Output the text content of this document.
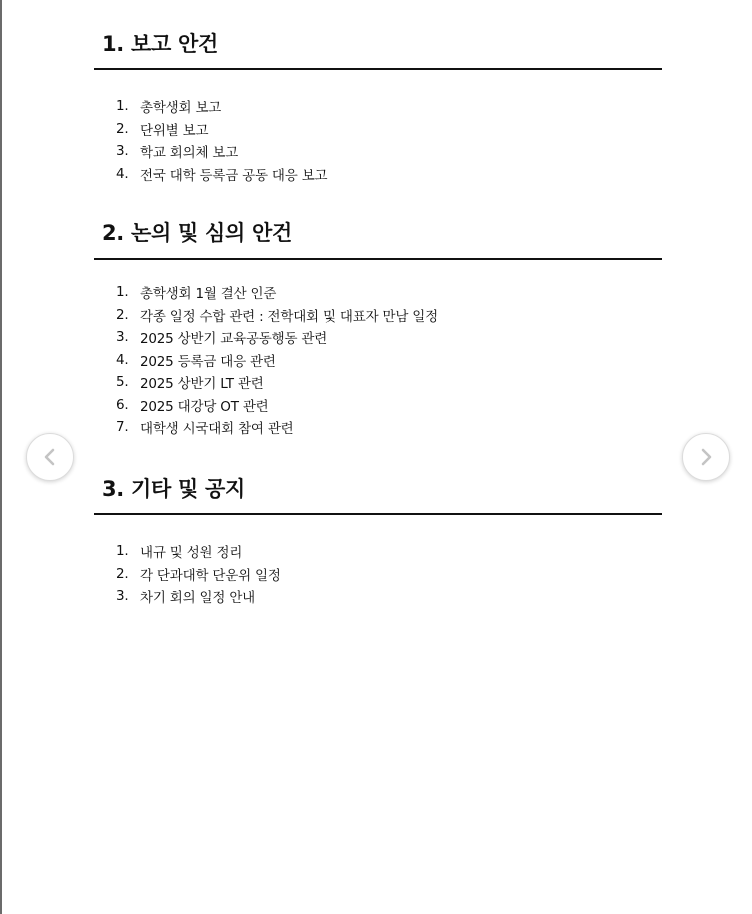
1. 보고 안건
1. 총학생회 보고
2. 단위별 보고
3. 학교 회의체 보고
4. 전국 대학 등록금 공동 대응 보고
2. 논의 및 심의 안건
1. 총학생회 1월 결산 인준
2. 각종 일정 수합 관련 : 전학대회 및 대표자 만남 일정
3. 2025 상반기 교육공동행동 관련
4. 2025 등록금 대응 관련
5. 2025 상반기 LT 관련
6. 2025 대강당 OT 관련
7. 대학생 시국대회 참여 관련
3. 기타 및 공지
1. 내규 및 성원 정리
2. 각 단과대학 단운위 일정
3. 차기 회의 일정 안내
